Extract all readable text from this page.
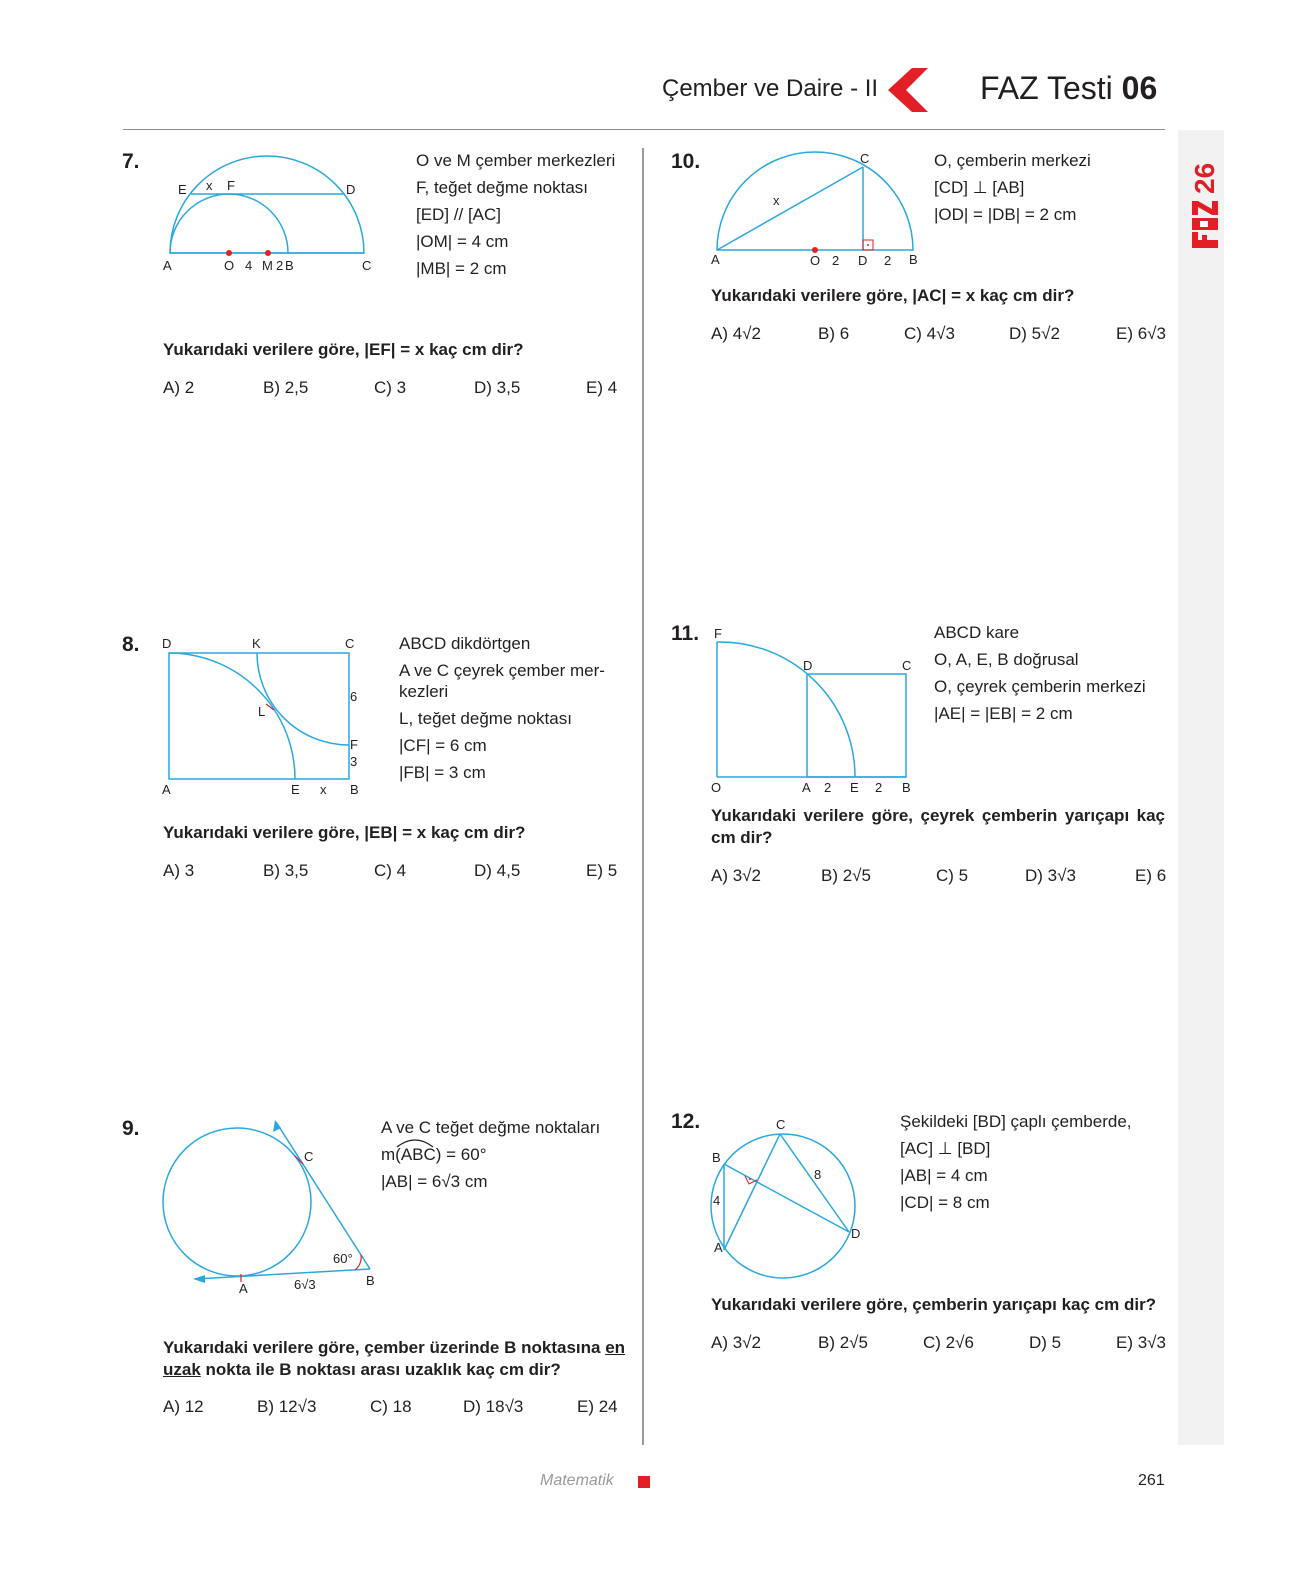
Çember ve Daire - II	FAZ Testi 06
26
7.
E x F	D
A	O 4 M 2 B	C
O ve M çember merkezleri
F, teğet değme noktası
[ED] // [AC]
|OM| = 4 cm
|MB| = 2 cm
Yukarıdaki verilere göre, |EF| = x kaç cm dir?
A) 2	B) 2,5	C) 3	D) 3,5	E) 4
10.	C
x
A	O 2 D 2 B
O, çemberin merkezi
[CD] ⊥ [AB]
|OD| = |DB| = 2 cm
Yukarıdaki verilere göre, |AC| = x kaç cm dir?
A) 4√2	B) 6	C) 4√3	D) 5√2	E) 6√3
8. D	K	C
6
L
F
3
A	E x B
ABCD dikdörtgen
A ve C çeyrek çember mer-
kezleri
L, teğet değme noktası
|CF| = 6 cm
|FB| = 3 cm
Yukarıdaki verilere göre, |EB| = x kaç cm dir?
A) 3	B) 3,5	C) 4	D) 4,5	E) 5
11. F
D	C
O	A 2 E 2 B
ABCD kare
O, A, E, B doğrusal
O, çeyrek çemberin merkezi
|AE| = |EB| = 2 cm
Yukarıdaki verilere göre, çeyrek çemberin yarıçapı kaç
cm dir?
A) 3√2	B) 2√5	C) 5	D) 3√3	E) 6
9.
C
60°
A	6√3	B
A ve C teğet değme noktaları
m(ABC) = 60°
|AB| = 6√3 cm
Yukarıdaki verilere göre, çember üzerinde B noktasına en
uzak nokta ile B noktası arası uzaklık kaç cm dir?
A) 12	B) 12√3	C) 18	D) 18√3	E) 24
12.	C
B
8
4
D
A
Şekildeki [BD] çaplı çemberde,
[AC] ⊥ [BD]
|AB| = 4 cm
|CD| = 8 cm
Yukarıdaki verilere göre, çemberin yarıçapı kaç cm dir?
A) 3√2	B) 2√5	C) 2√6	D) 5	E) 3√3
Matematik	261
